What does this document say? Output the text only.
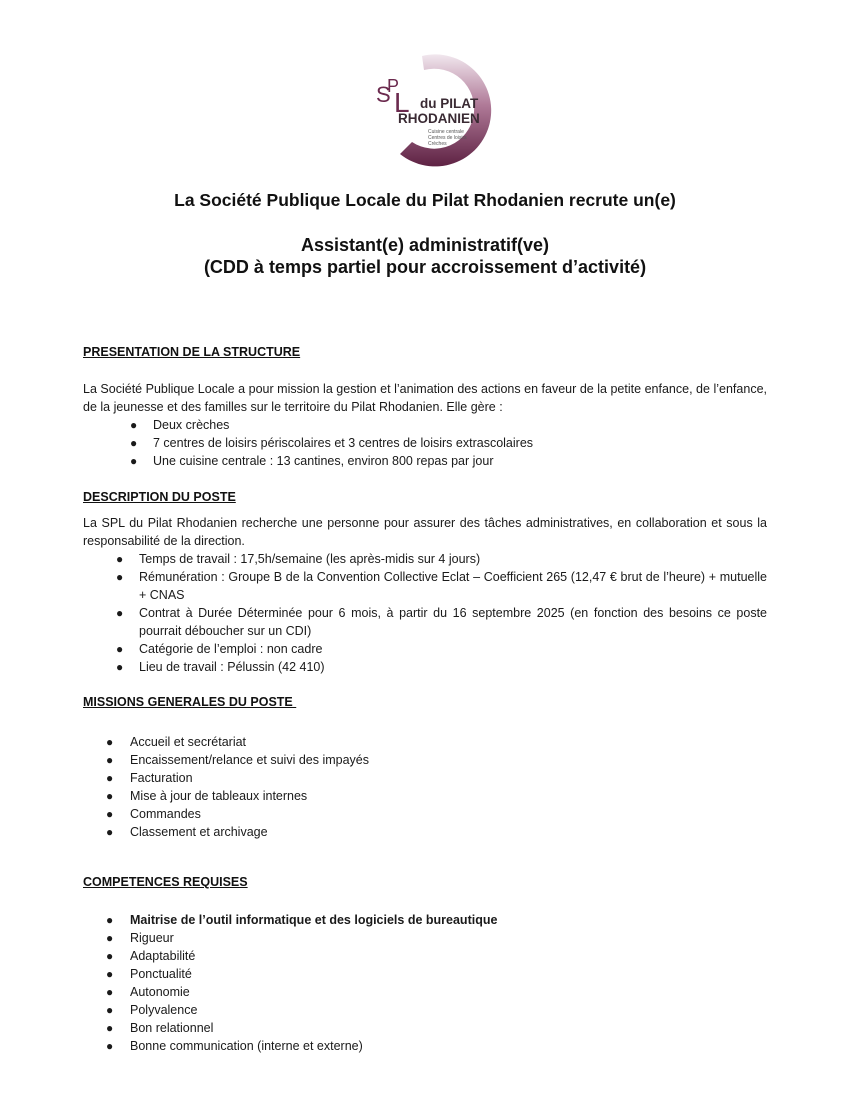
S
P
L du PILAT
RHODANIEN
Cuisine centrale
Centres de loisirs
Crèches
La Société Publique Locale du Pilat Rhodanien recrute un(e)
Assistant(e) administratif(ve)
(CDD à temps partiel pour accroissement d’activité)
PRESENTATION DE LA STRUCTURE
La Société Publique Locale a pour mission la gestion et l’animation des actions en faveur de la petite enfance, de l’enfance, de la jeunesse et des familles sur le territoire du Pilat Rhodanien. Elle gère :
● Deux crèches
● 7 centres de loisirs périscolaires et 3 centres de loisirs extrascolaires
● Une cuisine centrale : 13 cantines, environ 800 repas par jour
DESCRIPTION DU POSTE
La SPL du Pilat Rhodanien recherche une personne pour assurer des tâches administratives, en collaboration et sous la responsabilité de la direction.
● Temps de travail : 17,5h/semaine (les après-midis sur 4 jours)
● Rémunération : Groupe B de la Convention Collective Eclat – Coefficient 265 (12,47 € brut de l’heure) + mutuelle + CNAS
● Contrat à Durée Déterminée pour 6 mois, à partir du 16 septembre 2025 (en fonction des besoins ce poste pourrait déboucher sur un CDI)
● Catégorie de l’emploi : non cadre
● Lieu de travail : Pélussin (42 410)
MISSIONS GENERALES DU POSTE
● Accueil et secrétariat
● Encaissement/relance et suivi des impayés
● Facturation
● Mise à jour de tableaux internes
● Commandes
● Classement et archivage
COMPETENCES REQUISES
● Maitrise de l’outil informatique et des logiciels de bureautique
● Rigueur
● Adaptabilité
● Ponctualité
● Autonomie
● Polyvalence
● Bon relationnel
● Bonne communication (interne et externe)
